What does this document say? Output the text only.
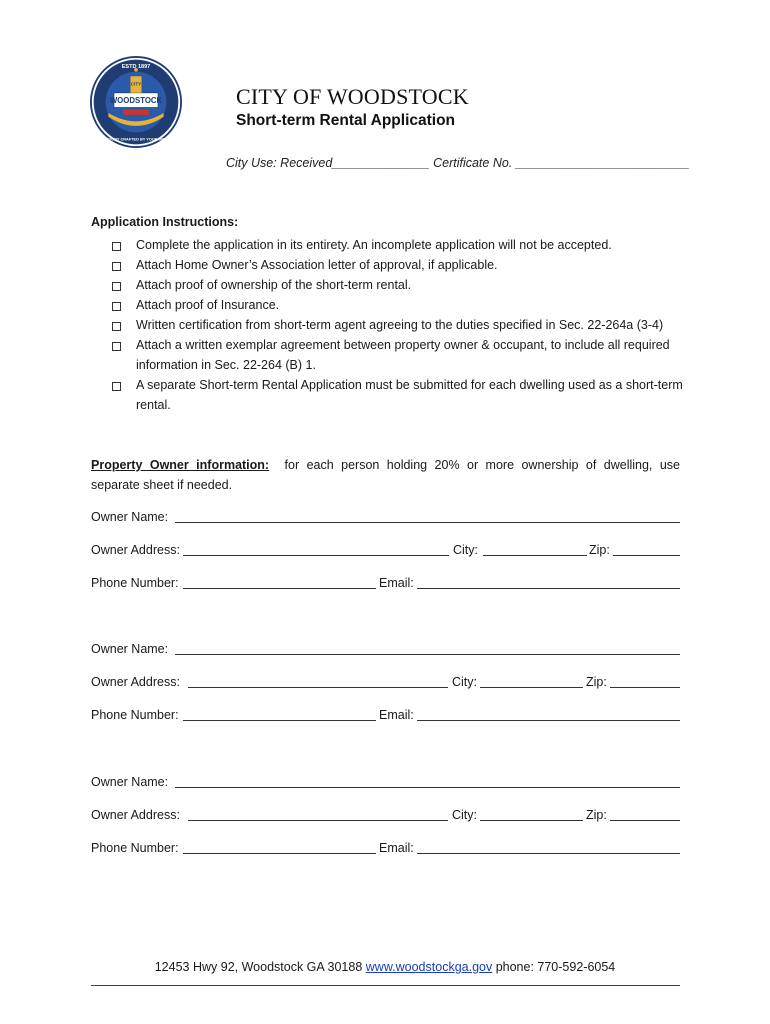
ESTD 1897
CITY
WOODSTOCK
OUR STORY CRAFTED BY YOUR DREAMS
CITY OF WOODSTOCK
Short-term Rental Application
City Use: Received______________ Certificate No. _________________________
Application Instructions:
Complete the application in its entirety. An incomplete application will not be accepted.
Attach Home Owner’s Association letter of approval, if applicable.
Attach proof of ownership of the short-term rental.
Attach proof of Insurance.
Written certification from short-term agent agreeing to the duties specified in Sec. 22-264a (3-4)
Attach a written exemplar agreement between property owner & occupant, to include all required information in Sec. 22-264 (B) 1.
A separate Short-term Rental Application must be submitted for each dwelling used as a short-term rental.
Property Owner information: for each person holding 20% or more ownership of dwelling, use separate sheet if needed.
Owner Name:
Owner Address:	City:	Zip:
Phone Number:	Email:
Owner Name:
Owner Address:	City:	Zip:
Phone Number:	Email:
Owner Name:
Owner Address:	City:	Zip:
Phone Number:	Email:
12453 Hwy 92, Woodstock GA 30188 www.woodstockga.gov phone: 770-592-6054
